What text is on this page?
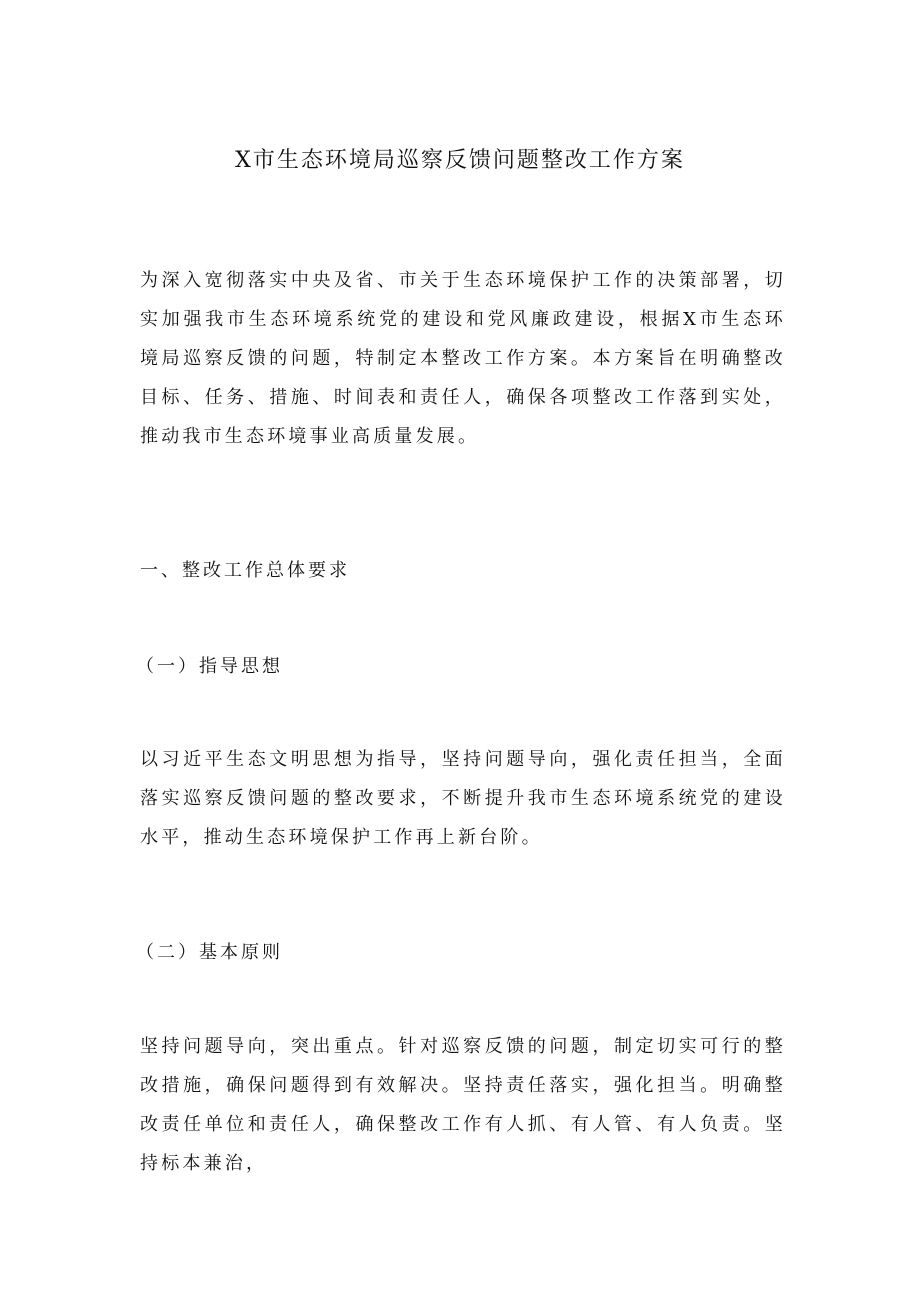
X市生态环境局巡察反馈问题整改工作方案

为深入宽彻落实中央及省、市关于生态环境保护工作的决策部署，切实加强我市生态环境系统党的建设和党风廉政建设，根据X市生态环境局巡察反馈的问题，特制定本整改工作方案。本方案旨在明确整改目标、任务、措施、时间表和责任人，确保各项整改工作落到实处，推动我市生态环境事业高质量发展。

一、整改工作总体要求

（一）指导思想

以习近平生态文明思想为指导，坚持问题导向，强化责任担当，全面落实巡察反馈问题的整改要求，不断提升我市生态环境系统党的建设水平，推动生态环境保护工作再上新台阶。

（二）基本原则

坚持问题导向，突出重点。针对巡察反馈的问题，制定切实可行的整改措施，确保问题得到有效解决。坚持责任落实，强化担当。明确整改责任单位和责任人，确保整改工作有人抓、有人管、有人负责。坚持标本兼治，
